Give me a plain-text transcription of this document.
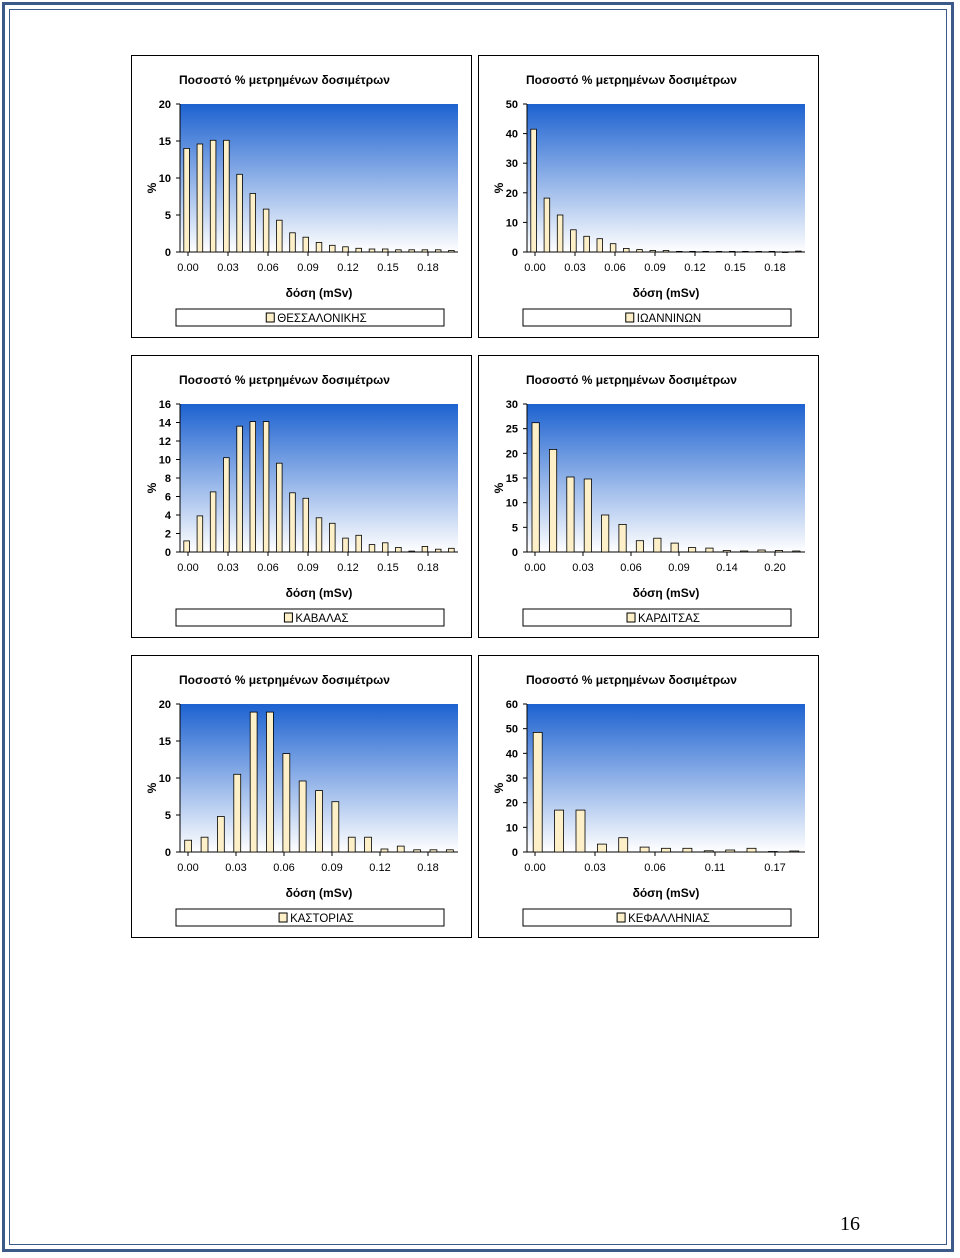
Ποσοστό % μετρημένων δοσιμέτρων
0
5
10
15
20
%
0.00 0.03 0.06 0.09 0.12 0.15 0.18
δόση (mSv)
ΘΕΣΣΑΛΟΝΙΚΗΣ
Ποσοστό % μετρημένων δοσιμέτρων
0
10
20
30
40
50
%
0.00 0.03 0.06 0.09 0.12 0.15 0.18
δόση (mSv)
ΙΩΑΝΝΙΝΩΝ
Ποσοστό % μετρημένων δοσιμέτρων
0
2
4
6
8
10
12
14
16
%
0.00 0.03 0.06 0.09 0.12 0.15 0.18
δόση (mSv)
ΚΑΒΑΛΑΣ
Ποσοστό % μετρημένων δοσιμέτρων
0
5
10
15
20
25
30
%
0.00 0.03 0.06 0.09 0.14 0.20
δόση (mSv)
ΚΑΡΔΙΤΣΑΣ
Ποσοστό % μετρημένων δοσιμέτρων
0
5
10
15
20
%
0.00 0.03 0.06 0.09 0.12 0.18
δόση (mSv)
ΚΑΣΤΟΡΙΑΣ
Ποσοστό % μετρημένων δοσιμέτρων
0
10
20
30
40
50
60
%
0.00	0.03	0.06	0.11	0.17
δόση (mSv)
ΚΕΦΑΛΛΗΝΙΑΣ
16
